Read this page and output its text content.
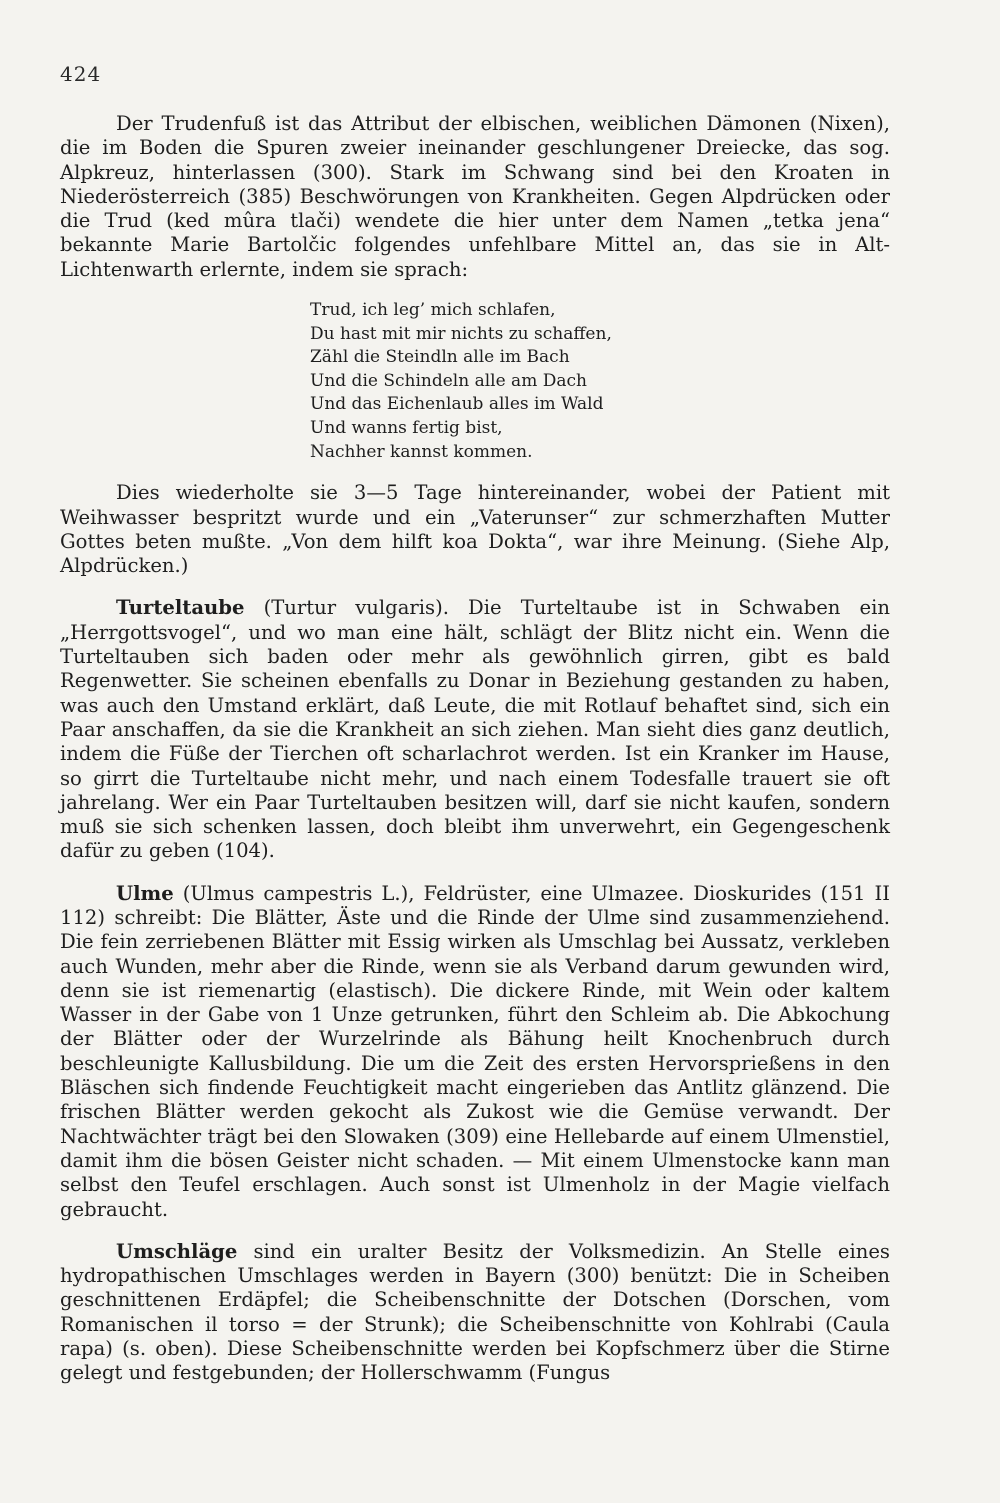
424

Der Trudenfuß ist das Attribut der elbischen, weiblichen Dämonen (Nixen), die im Boden die Spuren zweier ineinander geschlungener Dreiecke, das sog. Alpkreuz, hinterlassen (300). Stark im Schwang sind bei den Kroaten in Niederösterreich (385) Beschwörungen von Krankheiten. Gegen Alpdrücken oder die Trud (ked mûra tlači) wendete die hier unter dem Namen „tetka jena“ bekannte Marie Bartolčic folgendes unfehlbare Mittel an, das sie in Alt-Lichtenwarth erlernte, indem sie sprach:

Trud, ich leg’ mich schlafen,
Du hast mit mir nichts zu schaffen,
Zähl die Steindln alle im Bach
Und die Schindeln alle am Dach
Und das Eichenlaub alles im Wald
Und wanns fertig bist,
Nachher kannst kommen.

Dies wiederholte sie 3—5 Tage hintereinander, wobei der Patient mit Weihwasser bespritzt wurde und ein „Vaterunser“ zur schmerzhaften Mutter Gottes beten mußte. „Von dem hilft koa Dokta“, war ihre Meinung. (Siehe Alp, Alpdrücken.)

Turteltaube (Turtur vulgaris). Die Turteltaube ist in Schwaben ein „Herrgottsvogel“, und wo man eine hält, schlägt der Blitz nicht ein. Wenn die Turteltauben sich baden oder mehr als gewöhnlich girren, gibt es bald Regenwetter. Sie scheinen ebenfalls zu Donar in Beziehung gestanden zu haben, was auch den Umstand erklärt, daß Leute, die mit Rotlauf behaftet sind, sich ein Paar anschaffen, da sie die Krankheit an sich ziehen. Man sieht dies ganz deutlich, indem die Füße der Tierchen oft scharlachrot werden. Ist ein Kranker im Hause, so girrt die Turteltaube nicht mehr, und nach einem Todesfalle trauert sie oft jahrelang. Wer ein Paar Turteltauben besitzen will, darf sie nicht kaufen, sondern muß sie sich schenken lassen, doch bleibt ihm unverwehrt, ein Gegengeschenk dafür zu geben (104).

Ulme (Ulmus campestris L.), Feldrüster, eine Ulmazee. Dioskurides (151 II 112) schreibt: Die Blätter, Äste und die Rinde der Ulme sind zusammenziehend. Die fein zerriebenen Blätter mit Essig wirken als Umschlag bei Aussatz, verkleben auch Wunden, mehr aber die Rinde, wenn sie als Verband darum gewunden wird, denn sie ist riemenartig (elastisch). Die dickere Rinde, mit Wein oder kaltem Wasser in der Gabe von 1 Unze getrunken, führt den Schleim ab. Die Abkochung der Blätter oder der Wurzelrinde als Bähung heilt Knochenbruch durch beschleunigte Kallusbildung. Die um die Zeit des ersten Hervorsprießens in den Bläschen sich findende Feuchtigkeit macht eingerieben das Antlitz glänzend. Die frischen Blätter werden gekocht als Zukost wie die Gemüse verwandt. Der Nachtwächter trägt bei den Slowaken (309) eine Hellebarde auf einem Ulmenstiel, damit ihm die bösen Geister nicht schaden. — Mit einem Ulmenstocke kann man selbst den Teufel erschlagen. Auch sonst ist Ulmenholz in der Magie vielfach gebraucht.

Umschläge sind ein uralter Besitz der Volksmedizin. An Stelle eines hydropathischen Umschlages werden in Bayern (300) benützt: Die in Scheiben geschnittenen Erdäpfel; die Scheibenschnitte der Dotschen (Dorschen, vom Romanischen il torso = der Strunk); die Scheibenschnitte von Kohlrabi (Caula rapa) (s. oben). Diese Scheibenschnitte werden bei Kopfschmerz über die Stirne gelegt und festgebunden; der Hollerschwamm (Fungus
